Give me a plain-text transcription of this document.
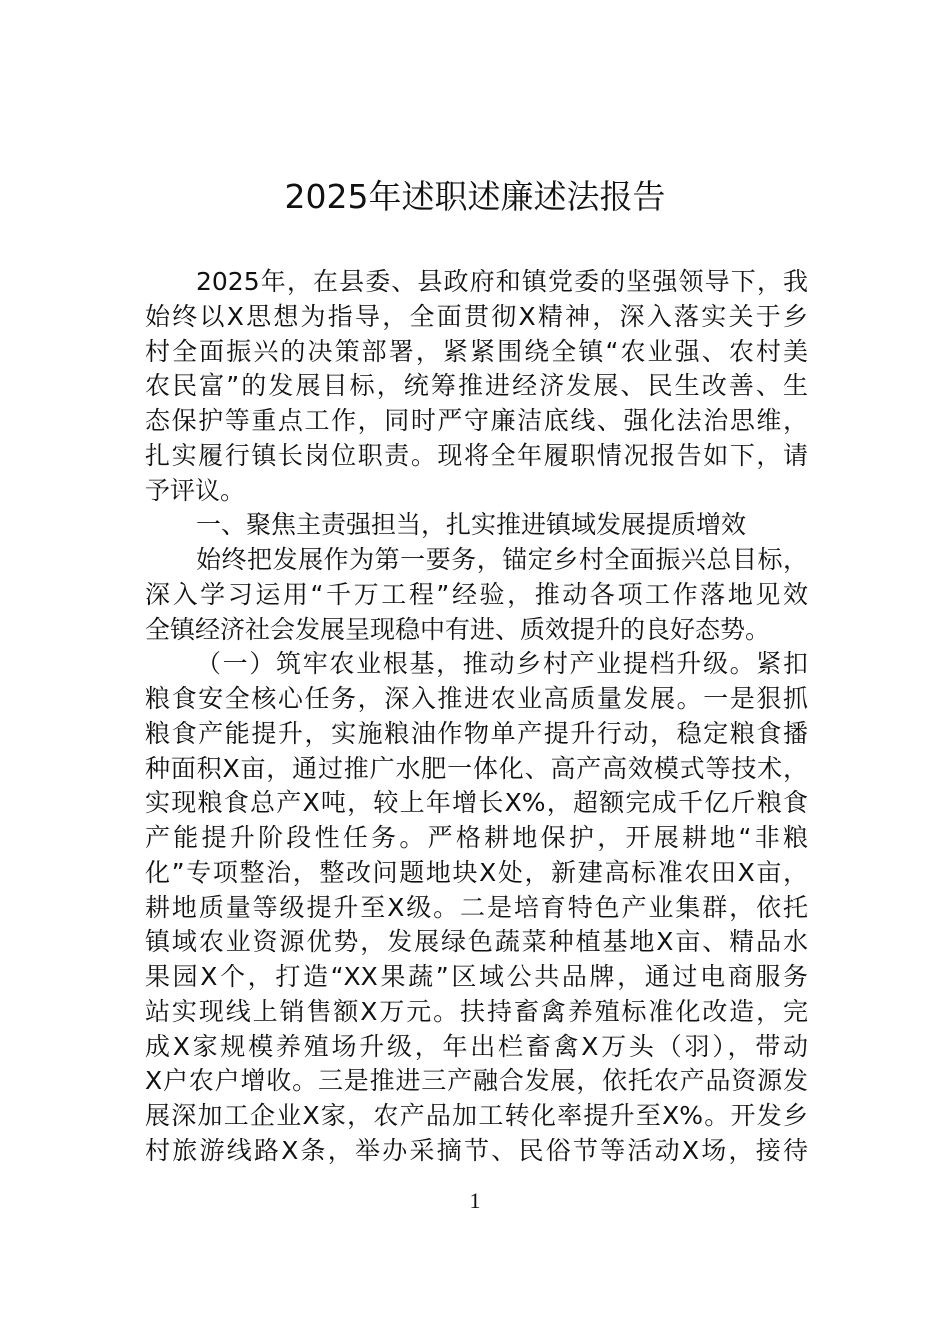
2025年述职述廉述法报告
2025年，在县委、县政府和镇党委的坚强领导下，我
始终以X思想为指导，全面贯彻X精神，深入落实关于乡
村全面振兴的决策部署，紧紧围绕全镇“农业强、农村美
农民富”的发展目标，统筹推进经济发展、民生改善、生
态保护等重点工作，同时严守廉洁底线、强化法治思维，
扎实履行镇长岗位职责。现将全年履职情况报告如下，请
予评议。
一、聚焦主责强担当，扎实推进镇域发展提质增效
始终把发展作为第一要务，锚定乡村全面振兴总目标，
深入学习运用“千万工程”经验，推动各项工作落地见效
全镇经济社会发展呈现稳中有进、质效提升的良好态势。
（一）筑牢农业根基，推动乡村产业提档升级。紧扣
粮食安全核心任务，深入推进农业高质量发展。一是狠抓
粮食产能提升，实施粮油作物单产提升行动，稳定粮食播
种面积X亩，通过推广水肥一体化、高产高效模式等技术，
实现粮食总产X吨，较上年增长X%，超额完成千亿斤粮食
产能提升阶段性任务。严格耕地保护，开展耕地“非粮
化”专项整治，整改问题地块X处，新建高标准农田X亩，
耕地质量等级提升至X级。二是培育特色产业集群，依托
镇域农业资源优势，发展绿色蔬菜种植基地X亩、精品水
果园X个，打造“XX果蔬”区域公共品牌，通过电商服务
站实现线上销售额X万元。扶持畜禽养殖标准化改造，完
成X家规模养殖场升级，年出栏畜禽X万头（羽），带动
X户农户增收。三是推进三产融合发展，依托农产品资源发
展深加工企业X家，农产品加工转化率提升至X%。开发乡
村旅游线路X条，举办采摘节、民俗节等活动X场，接待
1
